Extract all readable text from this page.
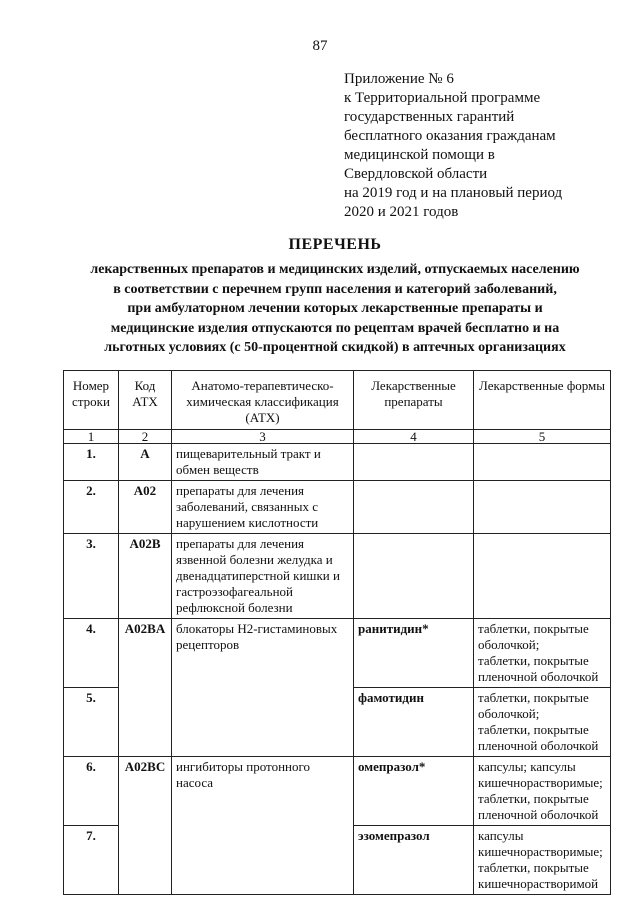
87
Приложение № 6
к Территориальной программе
государственных гарантий
бесплатного оказания гражданам
медицинской помощи в
Свердловской области
на 2019 год и на плановый период
2020 и 2021 годов
ПЕРЕЧЕНЬ
лекарственных препаратов и медицинских изделий, отпускаемых населению
в соответствии с перечнем групп населения и категорий заболеваний,
при амбулаторном лечении которых лекарственные препараты и
медицинские изделия отпускаются по рецептам врачей бесплатно и на
льготных условиях (с 50-процентной скидкой) в аптечных организациях
Номер строки	Код АТХ	Анатомо-терапевтическо-химическая классификация (АТХ)	Лекарственные препараты	Лекарственные формы
1	2	3	4	5
1.	А	пищеварительный тракт и обмен веществ		
2.	A02	препараты для лечения заболеваний, связанных с нарушением кислотности		
3.	A02B	препараты для лечения язвенной болезни желудка и двенадцатиперстной кишки и гастроэзофагеальной рефлюксной болезни		
4.	A02BA	блокаторы Н2-гистаминовых рецепторов	ранитидин*	таблетки, покрытые оболочкой;
таблетки, покрытые пленочной оболочкой

5.			фамотидин	таблетки, покрытые оболочкой;
таблетки, покрытые пленочной оболочкой

6.	A02BC	ингибиторы протонного насоса	омепразол*	капсулы; капсулы кишечнорастворимые;
таблетки, покрытые пленочной оболочкой

7.			эзомепразол	капсулы кишечнорастворимые;
таблетки, покрытые кишечнорастворимой
